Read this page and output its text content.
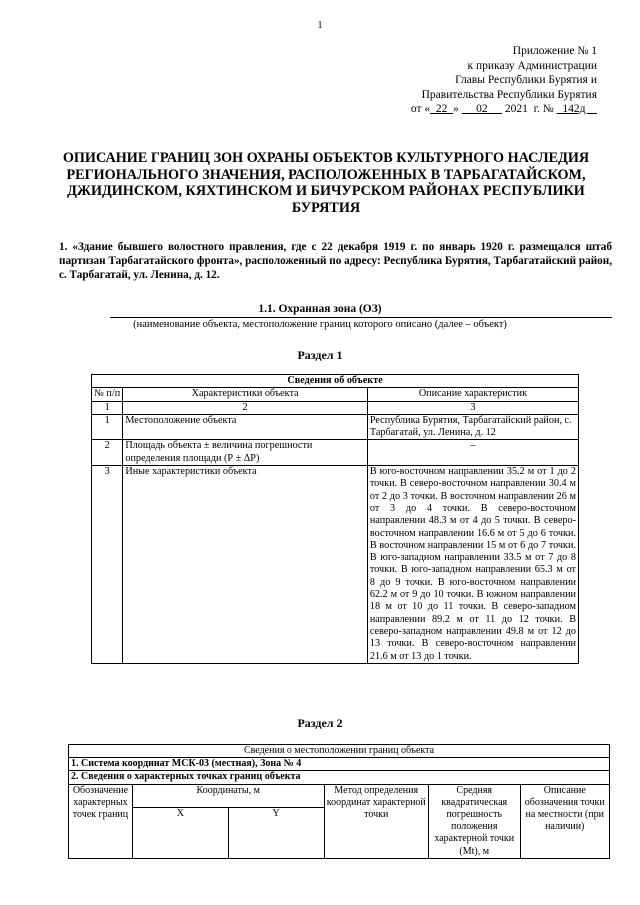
1
Приложение № 1
к приказу Администрации
Главы Республики Бурятия и
Правительства Республики Бурятия
от «  22  »      02      2021  г. №   142д
ОПИСАНИЕ ГРАНИЦ ЗОН ОХРАНЫ ОБЪЕКТОВ КУЛЬТУРНОГО НАСЛЕДИЯ РЕГИОНАЛЬНОГО ЗНАЧЕНИЯ, РАСПОЛОЖЕННЫХ В ТАРБАГАТАЙСКОМ, ДЖИДИНСКОМ, КЯХТИНСКОМ И БИЧУРСКОМ РАЙОНАХ РЕСПУБЛИКИ БУРЯТИЯ
1. «Здание бывшего волостного правления, где с 22 декабря 1919 г. по январь 1920 г. размещался штаб партизан Тарбагатайского фронта», расположенный по адресу: Республика Бурятия, Тарбагатайский район, с. Тарбагатай, ул. Ленина, д. 12.
1.1. Охранная зона (ОЗ)
(наименование объекта, местоположение границ которого описано (далее – объект)
Раздел 1
Сведения об объекте		
№ п/п	Характеристики объекта	Описание характеристик
1	2	3
1	Местоположение объекта	Республика Бурятия, Тарбагатайский район, с. Тарбагатай, ул. Ленина, д. 12
2	Площадь объекта ± величина погрешности определения площади (Р ± ΔР)	–
3	Иные характеристики объекта	В юго-восточном направлении 35.2 м от 1 до 2 точки. В северо-восточном направлении 30.4 м от 2 до 3 точки. В восточном направлении 26 м от 3 до 4 точки. В северо-восточном направлении 48.3 м от 4 до 5 точки. В северо-восточном направлении 16.6 м от 5 до 6 точки. В восточном направлении 15 м от 6 до 7 точки. В юго-западном направлении 33.5 м от 7 до 8 точки. В юго-западном направлении 65.3 м от 8 до 9 точки. В юго-восточном направлении 62.2 м от 9 до 10 точки. В южном направлении 18 м от 10 до 11 точки. В северо-западном направлении 89.2 м от 11 до 12 точки. В северо-западном направлении 49.8 м от 12 до 13 точки. В северо-восточном направлении 21.6 м от 13 до 1 точки.
Раздел 2
Сведения о местоположении границ объекта					
1. Система координат МСК-03 (местная), Зона № 4					
2. Сведения о характерных точках границ объекта					
Обозначение характерных точек границ	Координаты, м		Метод определения координат характерной точки	Средняя квадратическая погрешность положения характерной точки (Mt), м	Описание обозначения точки на местности (при наличии)
	X	Y			
